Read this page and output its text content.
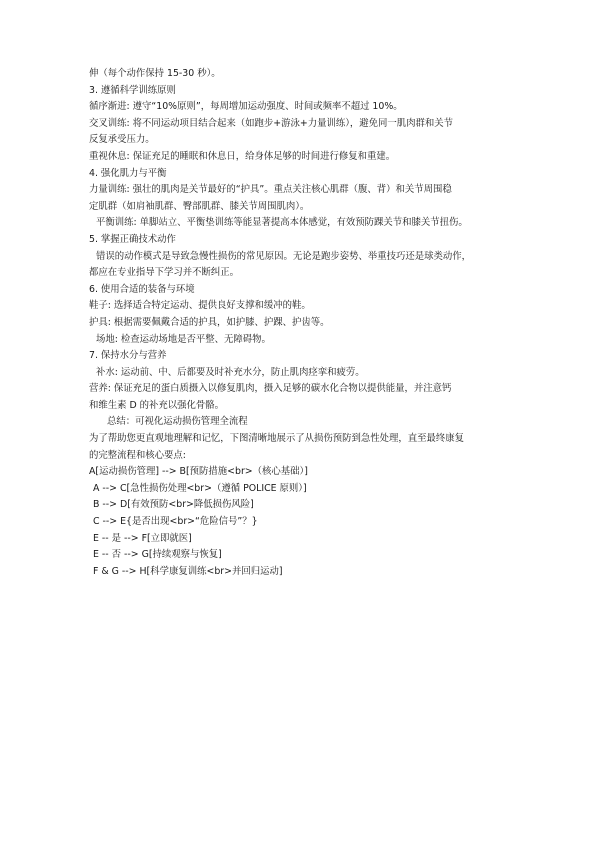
伸（每个动作保持 15-30 秒）。

3. 遵循科学训练原则

循序渐进: 遵守“10%原则”，每周增加运动强度、时间或频率不超过 10%。

交叉训练: 将不同运动项目结合起来（如跑步+游泳+力量训练），避免同一肌肉群和关节

反复承受压力。

重视休息: 保证充足的睡眠和休息日，给身体足够的时间进行修复和重建。

4. 强化肌力与平衡

力量训练: 强壮的肌肉是关节最好的“护具”。重点关注核心肌群（腹、背）和关节周围稳

定肌群（如肩袖肌群、臀部肌群、膝关节周围肌肉）。

平衡训练: 单脚站立、平衡垫训练等能显著提高本体感觉，有效预防踝关节和膝关节扭伤。

5. 掌握正确技术动作

错误的动作模式是导致急慢性损伤的常见原因。无论是跑步姿势、举重技巧还是球类动作，

都应在专业指导下学习并不断纠正。

6. 使用合适的装备与环境

鞋子: 选择适合特定运动、提供良好支撑和缓冲的鞋。

护具: 根据需要佩戴合适的护具，如护膝、护踝、护齿等。

场地: 检查运动场地是否平整、无障碍物。

7. 保持水分与营养

补水: 运动前、中、后都要及时补充水分，防止肌肉痉挛和疲劳。

营养: 保证充足的蛋白质摄入以修复肌肉，摄入足够的碳水化合物以提供能量，并注意钙

和维生素 D 的补充以强化骨骼。

总结：可视化运动损伤管理全流程

为了帮助您更直观地理解和记忆，下图清晰地展示了从损伤预防到急性处理，直至最终康复

的完整流程和核心要点:

A[运动损伤管理] --> B[预防措施<br>（核心基础）]

A --> C[急性损伤处理<br>（遵循 POLICE 原则）]

B --> D[有效预防<br>降低损伤风险]

C --> E{是否出现<br>“危险信号”？}

E -- 是 --> F[立即就医]

E -- 否 --> G[持续观察与恢复]

F & G --> H[科学康复训练<br>并回归运动]
